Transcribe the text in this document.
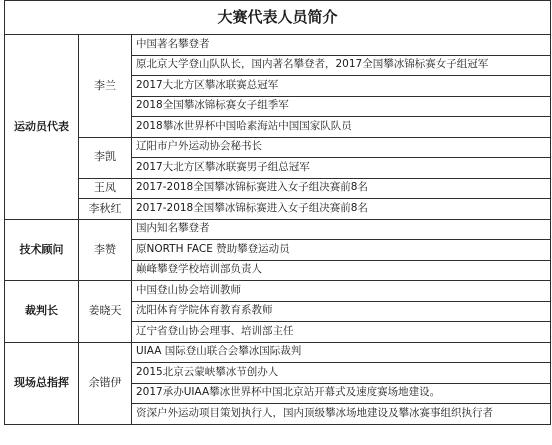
大赛代表人员简介		
运动员代表	李兰	中国著名攀登者
		原北京大学登山队队长，国内著名攀登者，2017全国攀冰锦标赛女子组冠军
		2017大北方区攀冰联赛总冠军
		2018全国攀冰锦标赛女子组季军
		2018攀冰世界杯中国哈素海站中国国家队队员
	李凯	辽阳市户外运动协会秘书长
		2017大北方区攀冰联赛男子组总冠军
	王凤	2017-2018全国攀冰锦标赛进入女子组决赛前8名
	李秋红	2017-2018全国攀冰锦标赛进入女子组决赛前8名
技术顾问	李赞	国内知名攀登者
		原NORTH FACE 赞助攀登运动员
		巅峰攀登学校培训部负责人
裁判长	姜晓天	中国登山协会培训教师
		沈阳体育学院体育教育系教师
		辽宁省登山协会理事、培训部主任
现场总指挥	余锴伊	UIAA 国际登山联合会攀冰国际裁判
		2015北京云蒙峡攀冰节创办人
		2017承办UIAA攀冰世界杯中国北京站开幕式及速度赛场地建设。
		资深户外运动项目策划执行人，国内顶级攀冰场地建设及攀冰赛事组织执行者
